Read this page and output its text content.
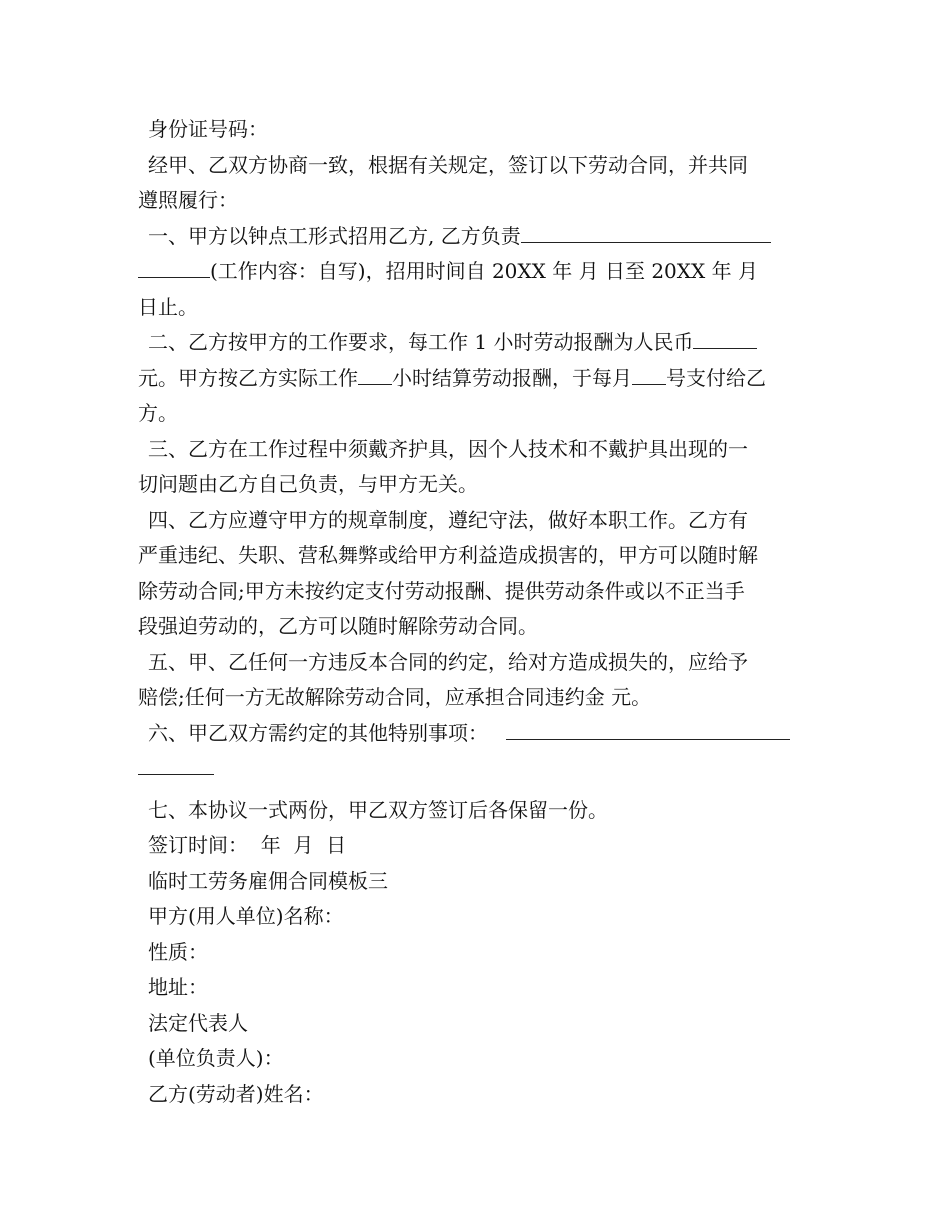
身份证号码：

经甲、乙双方协商一致，根据有关规定，签订以下劳动合同，并共同

遵照履行：

一、甲方以钟点工形式招用乙方, 乙方负责

(工作内容：自写)，招用时间自 20XX 年 月 日至 20XX 年 月

日止。

二、乙方按甲方的工作要求，每工作 1 小时劳动报酬为人民币

元。甲方按乙方实际工作 小时结算劳动报酬，于每月 号支付给乙

方。

三、乙方在工作过程中须戴齐护具，因个人技术和不戴护具出现的一

切问题由乙方自己负责，与甲方无关。

四、乙方应遵守甲方的规章制度，遵纪守法，做好本职工作。乙方有

严重违纪、失职、营私舞弊或给甲方利益造成损害的，甲方可以随时解

除劳动合同;甲方未按约定支付劳动报酬、提供劳动条件或以不正当手

段强迫劳动的，乙方可以随时解除劳动合同。

五、甲、乙任何一方违反本合同的约定，给对方造成损失的，应给予

赔偿;任何一方无故解除劳动合同，应承担合同违约金 元。

六、甲乙双方需约定的其他特别事项：

七、本协议一式两份，甲乙双方签订后各保留一份。

签订时间：  年  月  日

临时工劳务雇佣合同模板三

甲方(用人单位)名称：

性质：

地址：

法定代表人

(单位负责人)：

乙方(劳动者)姓名：
